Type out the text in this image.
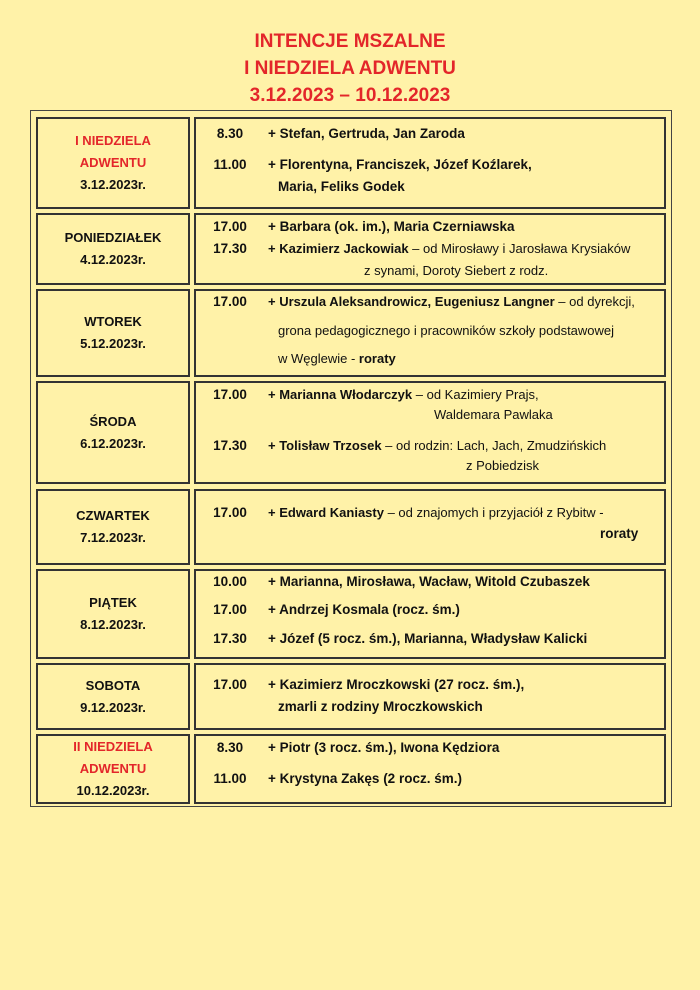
INTENCJE MSZALNE
I NIEDZIELA ADWENTU
3.12.2023 – 10.12.2023
I NIEDZIELA
ADWENTU
3.12.2023r.
8.30	+ Stefan, Gertruda, Jan Zaroda
11.00	+ Florentyna, Franciszek, Józef Koźlarek,
Maria, Feliks Godek
PONIEDZIAŁEK
4.12.2023r.
17.00	+ Barbara (ok. im.), Maria Czerniawska
17.30	+ Kazimierz Jackowiak – od Mirosławy i Jarosława Krysiaków
z synami, Doroty Siebert z rodz.
WTOREK
5.12.2023r.
17.00	+ Urszula Aleksandrowicz, Eugeniusz Langner – od dyrekcji,
grona pedagogicznego i pracowników szkoły podstawowej
w Węglewie - roraty
ŚRODA
6.12.2023r.
17.00	+ Marianna Włodarczyk – od Kazimiery Prajs,
Waldemara Pawlaka
17.30	+ Tolisław Trzosek – od rodzin: Lach, Jach, Zmudzińskich
z Pobiedzisk
CZWARTEK
7.12.2023r.
17.00	+ Edward Kaniasty – od znajomych i przyjaciół z Rybitw -
roraty
PIĄTEK
8.12.2023r.
10.00	+ Marianna, Mirosława, Wacław, Witold Czubaszek
17.00	+ Andrzej Kosmala (rocz. śm.)
17.30	+ Józef (5 rocz. śm.), Marianna, Władysław Kalicki
SOBOTA
9.12.2023r.
17.00	+ Kazimierz Mroczkowski (27 rocz. śm.),
zmarli z rodziny Mroczkowskich
II NIEDZIELA
ADWENTU
10.12.2023r.
8.30	+ Piotr (3 rocz. śm.), Iwona Kędziora
11.00	+ Krystyna Zakęs (2 rocz. śm.)
